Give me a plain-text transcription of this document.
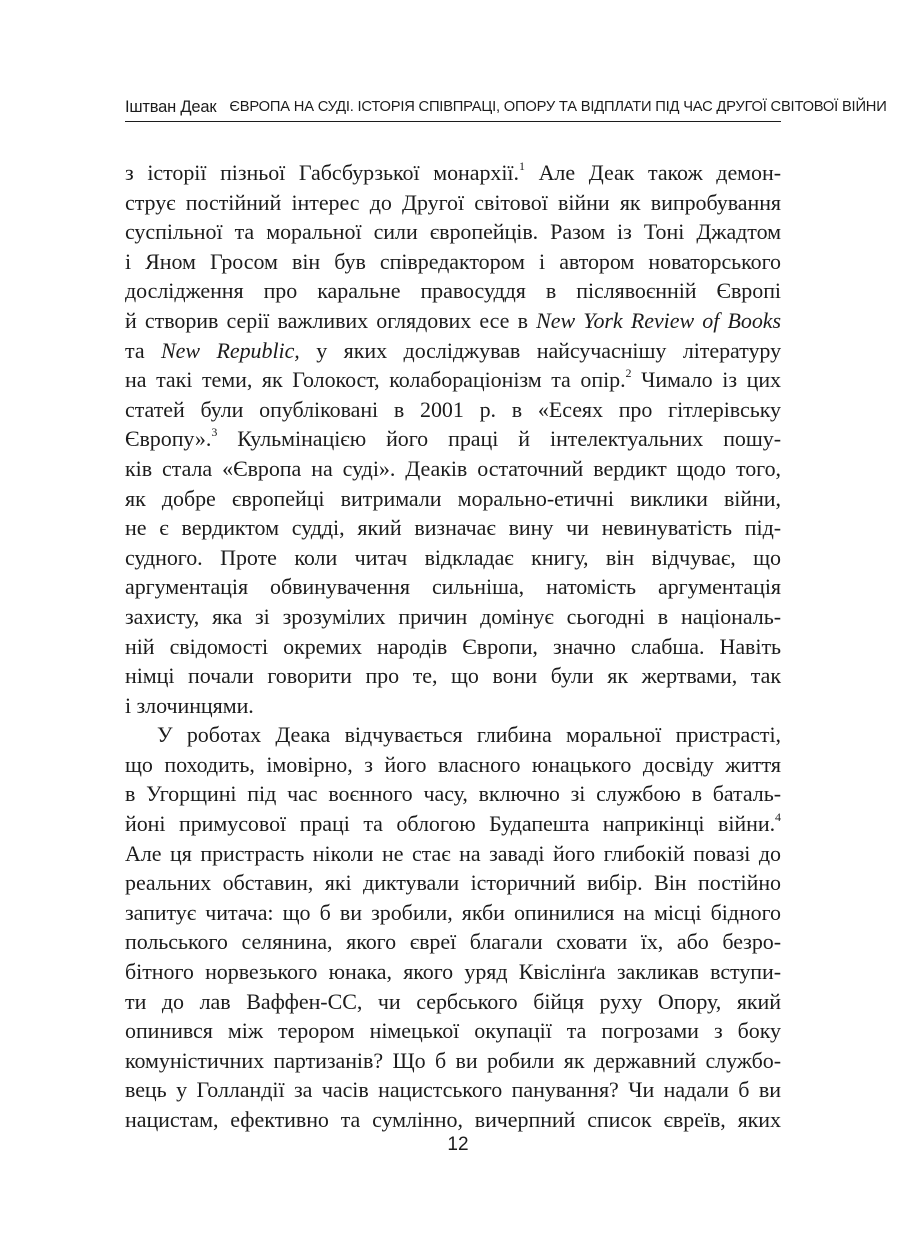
Іштван Деак ЄВРОПА НА СУДІ. ІСТОРІЯ СПІВПРАЦІ, ОПОРУ ТА ВІДПЛАТИ ПІД ЧАС ДРУГОЇ СВІТОВОЇ ВІЙНИ
з історії пізньої Габсбурзької монархії.$^1$ Але Деак також демон-
струє постійний інтерес до Другої світової війни як випробування
суспільної та моральної сили європейців. Разом із Тоні Джадтом
і Яном Гросом він був співредактором і автором новаторського
дослідження про каральне правосуддя в післявоєнній Європі
й створив серії важливих оглядових есе в New York Review of Books
та New Republic, у яких досліджував найсучаснішу літературу
на такі теми, як Голокост, колабораціонізм та опір.$^2$ Чимало із цих
статей були опубліковані в 2001 р. в «Есеях про гітлерівську
Європу».$^3$ Кульмінацією його праці й інтелектуальних пошу-
ків стала «Європа на суді». Деаків остаточний вердикт щодо того,
як добре європейці витримали морально-етичні виклики війни,
не є вердиктом судді, який визначає вину чи невинуватість під-
судного. Проте коли читач відкладає книгу, він відчуває, що
аргументація обвинувачення сильніша, натомість аргументація
захисту, яка зі зрозумілих причин домінує сьогодні в національ-
ній свідомості окремих народів Європи, значно слабша. Навіть
німці почали говорити про те, що вони були як жертвами, так
і злочинцями.
У роботах Деака відчувається глибина моральної пристрасті,
що походить, імовірно, з його власного юнацького досвіду життя
в Угорщині під час воєнного часу, включно зі службою в баталь-
йоні примусової праці та облогою Будапешта наприкінці війни.$^4$
Але ця пристрасть ніколи не стає на заваді його глибокій повазі до
реальних обставин, які диктували історичний вибір. Він постійно
запитує читача: що б ви зробили, якби опинилися на місці бідного
польського селянина, якого євреї благали сховати їх, або безро-
бітного норвезького юнака, якого уряд Квіслінґа закликав вступи-
ти до лав Ваффен-СС, чи сербського бійця руху Опору, який
опинився між терором німецької окупації та погрозами з боку
комуністичних партизанів? Що б ви робили як державний службо-
вець у Голландії за часів нацистського панування? Чи надали б ви
нацистам, ефективно та сумлінно, вичерпний список євреїв, яких
12
